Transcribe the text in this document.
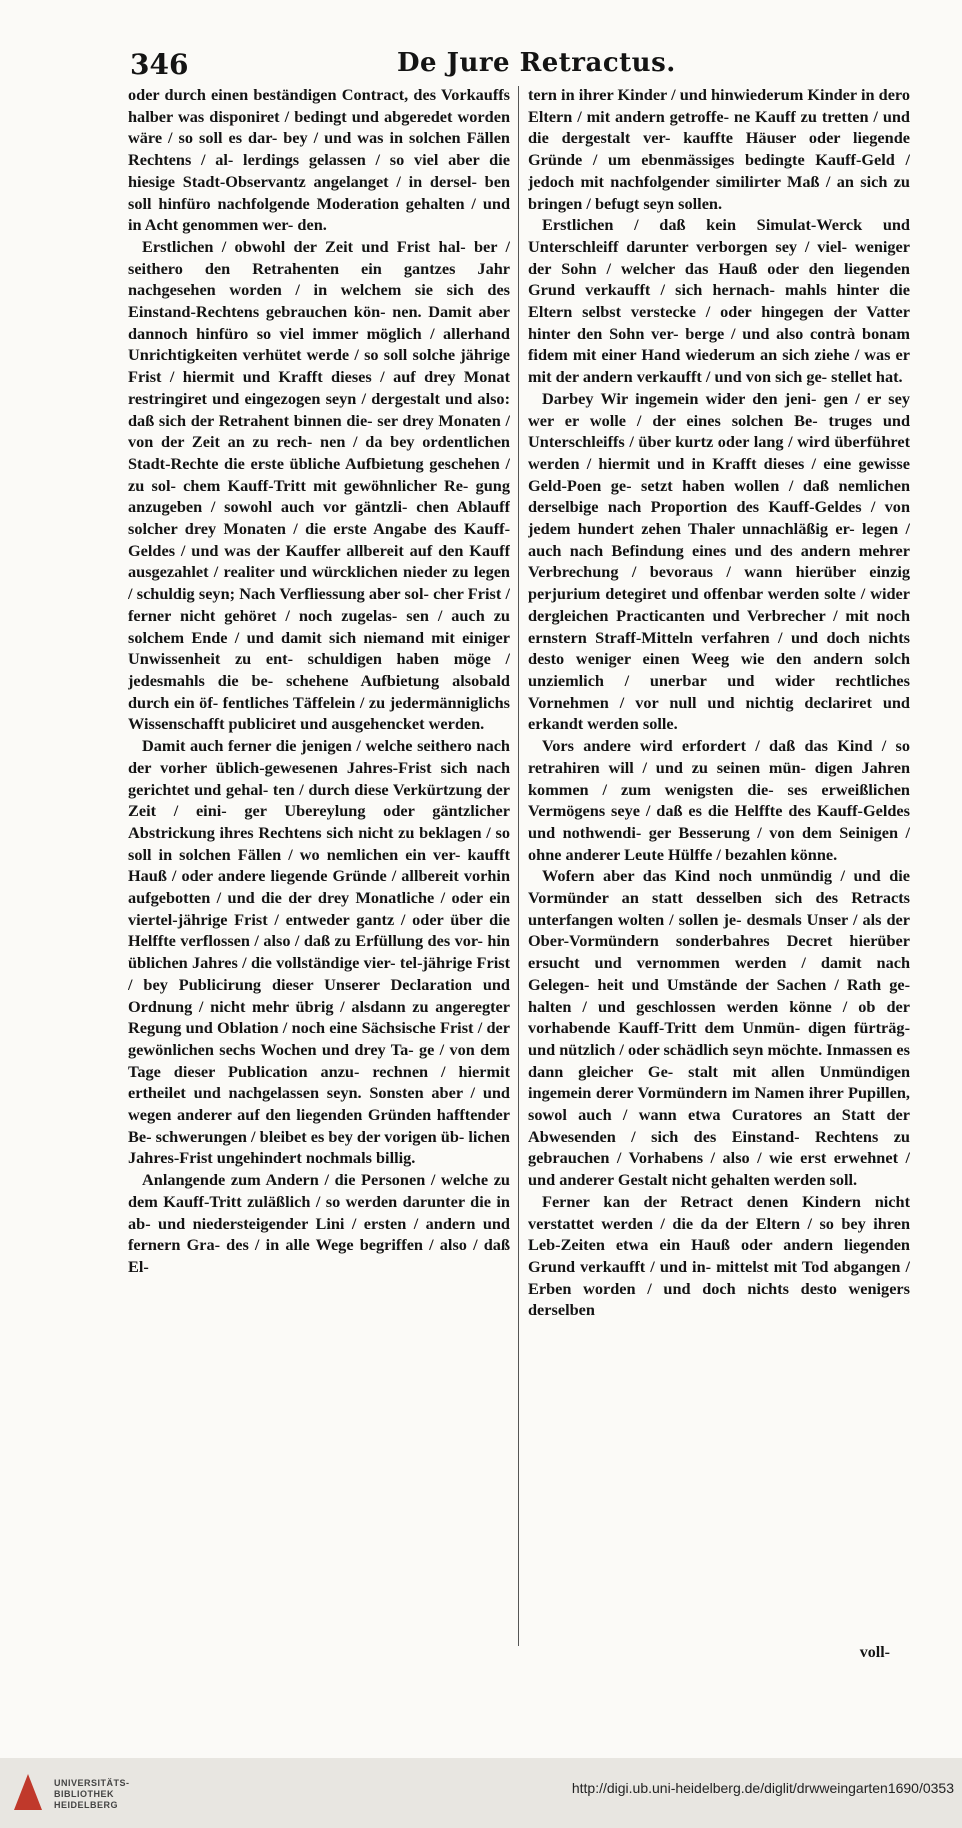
346	De Jure Retractus.

oder durch einen beständigen Contract, des Vorkauffs halber was disponiret / bedingt und abgeredet worden wäre / so soll es dar- bey / und was in solchen Fällen Rechtens / al- lerdings gelassen / so viel aber die hiesige Stadt-Observantz angelanget / in dersel- ben soll hinfüro nachfolgende Moderation gehalten / und in Acht genommen wer- den.

Erstlichen / obwohl der Zeit und Frist hal- ber / seithero den Retrahenten ein gantzes Jahr nachgesehen worden / in welchem sie sich des Einstand-Rechtens gebrauchen kön- nen. Damit aber dannoch hinfüro so viel immer möglich / allerhand Unrichtigkeiten verhütet werde / so soll solche jährige Frist / hiermit und Krafft dieses / auf drey Monat restringiret und eingezogen seyn / dergestalt und also: daß sich der Retrahent binnen die- ser drey Monaten / von der Zeit an zu rech- nen / da bey ordentlichen Stadt-Rechte die erste übliche Aufbietung geschehen / zu sol- chem Kauff-Tritt mit gewöhnlicher Re- gung anzugeben / sowohl auch vor gäntzli- chen Ablauff solcher drey Monaten / die erste Angabe des Kauff-Geldes / und was der Kauffer allbereit auf den Kauff ausgezahlet / realiter und würcklichen nieder zu legen / schuldig seyn; Nach Verfliessung aber sol- cher Frist / ferner nicht gehöret / noch zugelas- sen / auch zu solchem Ende / und damit sich niemand mit einiger Unwissenheit zu ent- schuldigen haben möge / jedesmahls die be- schehene Aufbietung alsobald durch ein öf- fentliches Täffelein / zu jedermänniglichs Wissenschafft publiciret und ausgehencket werden.

Damit auch ferner die jenigen / welche seithero nach der vorher üblich-gewesenen Jahres-Frist sich nach gerichtet und gehal- ten / durch diese Verkürtzung der Zeit / eini- ger Ubereylung oder gäntzlicher Abstrickung ihres Rechtens sich nicht zu beklagen / so soll in solchen Fällen / wo nemlichen ein ver- kaufft Hauß / oder andere liegende Gründe / allbereit vorhin aufgebotten / und die der drey Monatliche / oder ein viertel-jährige Frist / entweder gantz / oder über die Helffte verflossen / also / daß zu Erfüllung des vor- hin üblichen Jahres / die vollständige vier- tel-jährige Frist / bey Publicirung dieser Unserer Declaration und Ordnung / nicht mehr übrig / alsdann zu angeregter Regung und Oblation / noch eine Sächsische Frist / der gewönlichen sechs Wochen und drey Ta- ge / von dem Tage dieser Publication anzu- rechnen / hiermit ertheilet und nachgelassen seyn. Sonsten aber / und wegen anderer auf den liegenden Gründen hafftender Be- schwerungen / bleibet es bey der vorigen üb- lichen Jahres-Frist ungehindert nochmals billig.

Anlangende zum Andern / die Personen / welche zu dem Kauff-Tritt zuläßlich / so werden darunter die in ab- und niedersteigender Lini / ersten / andern und fernern Gra- des / in alle Wege begriffen / also / daß El-

tern in ihrer Kinder / und hinwiederum Kinder in dero Eltern / mit andern getroffe- ne Kauff zu tretten / und die dergestalt ver- kauffte Häuser oder liegende Gründe / um ebenmässiges bedingte Kauff-Geld / jedoch mit nachfolgender similirter Maß / an sich zu bringen / befugt seyn sollen.

Erstlichen / daß kein Simulat-Werck und Unterschleiff darunter verborgen sey / viel- weniger der Sohn / welcher das Hauß oder den liegenden Grund verkaufft / sich hernach- mahls hinter die Eltern selbst verstecke / oder hingegen der Vatter hinter den Sohn ver- berge / und also contrà bonam fidem mit einer Hand wiederum an sich ziehe / was er mit der andern verkaufft / und von sich ge- stellet hat.

Darbey Wir ingemein wider den jeni- gen / er sey wer er wolle / der eines solchen Be- truges und Unterschleiffs / über kurtz oder lang / wird überführet werden / hiermit und in Krafft dieses / eine gewisse Geld-Poen ge- setzt haben wollen / daß nemlichen derselbige nach Proportion des Kauff-Geldes / von jedem hundert zehen Thaler unnachläßig er- legen / auch nach Befindung eines und des andern mehrer Verbrechung / bevoraus / wann hierüber einzig perjurium detegiret und offenbar werden solte / wider dergleichen Practicanten und Verbrecher / mit noch ernstern Straff-Mitteln verfahren / und doch nichts desto weniger einen Weeg wie den andern solch unziemlich / unerbar und wider rechtliches Vornehmen / vor null und nichtig declariret und erkandt werden solle.

Vors andere wird erfordert / daß das Kind / so retrahiren will / und zu seinen mün- digen Jahren kommen / zum wenigsten die- ses erweißlichen Vermögens seye / daß es die Helffte des Kauff-Geldes und nothwendi- ger Besserung / von dem Seinigen / ohne anderer Leute Hülffe / bezahlen könne.

Wofern aber das Kind noch unmündig / und die Vormünder an statt desselben sich des Retracts unterfangen wolten / sollen je- desmals Unser / als der Ober-Vormündern sonderbahres Decret hierüber ersucht und vernommen werden / damit nach Gelegen- heit und Umstände der Sachen / Rath ge- halten / und geschlossen werden könne / ob der vorhabende Kauff-Tritt dem Unmün- digen fürträg- und nützlich / oder schädlich seyn möchte. Inmassen es dann gleicher Ge- stalt mit allen Unmündigen ingemein derer Vormündern im Namen ihrer Pupillen, sowol auch / wann etwa Curatores an Statt der Abwesenden / sich des Einstand- Rechtens zu gebrauchen / Vorhabens / also / wie erst erwehnet / und anderer Gestalt nicht gehalten werden soll.

Ferner kan der Retract denen Kindern nicht verstattet werden / die da der Eltern / so bey ihren Leb-Zeiten etwa ein Hauß oder andern liegenden Grund verkaufft / und in- mittelst mit Tod abgangen / Erben worden / und doch nichts desto wenigers derselben

voll-
UNIVERSITÄTS-
BIBLIOTHEK
HEIDELBERG
http://digi.ub.uni-heidelberg.de/diglit/drwweingarten1690/0353
